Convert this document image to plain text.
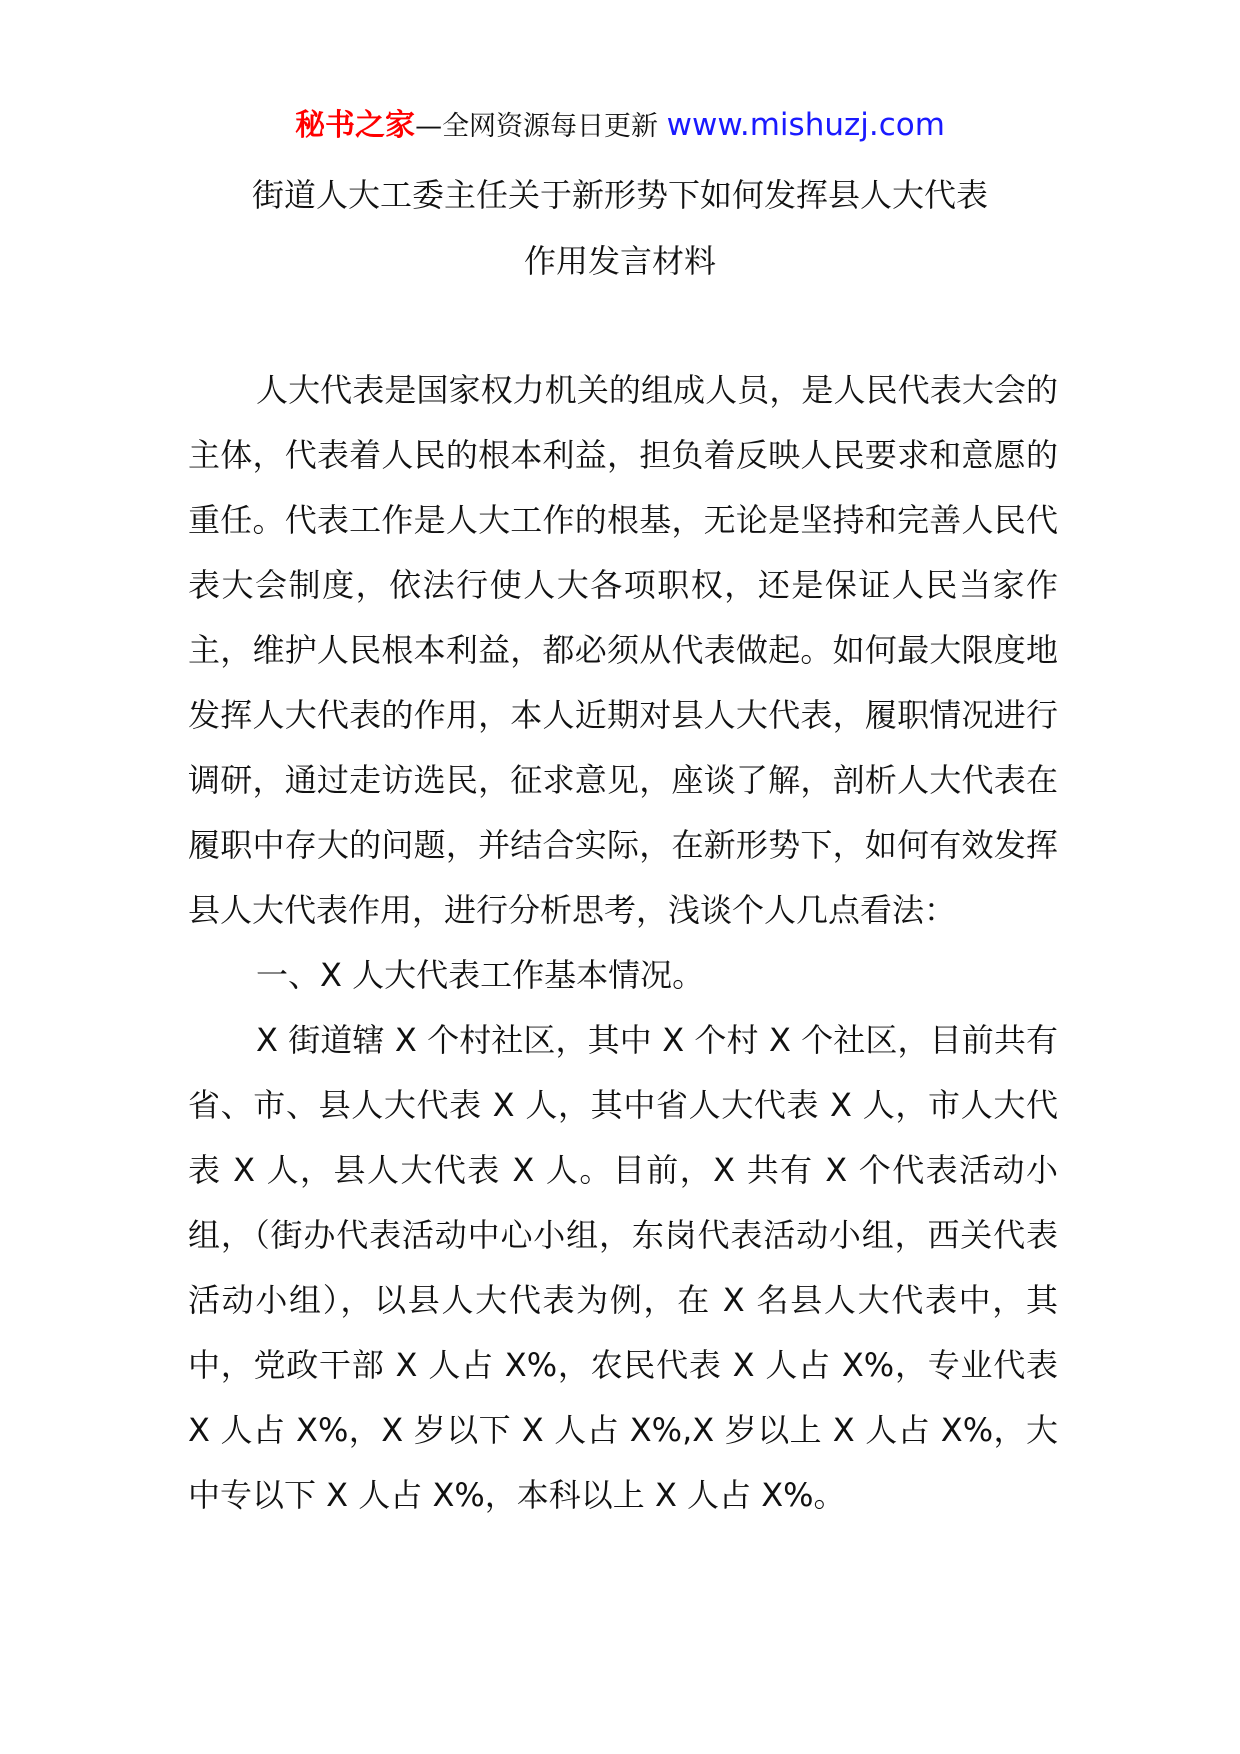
秘书之家—全网资源每日更新 www.mishuzj.com
街道人大工委主任关于新形势下如何发挥县人大代表
作用发言材料

人大代表是国家权力机关的组成人员，是人民代表大会的主体，代表着人民的根本利益，担负着反映人民要求和意愿的重任。代表工作是人大工作的根基，无论是坚持和完善人民代表大会制度，依法行使人大各项职权，还是保证人民当家作主，维护人民根本利益，都必须从代表做起。如何最大限度地发挥人大代表的作用，本人近期对县人大代表，履职情况进行调研，通过走访选民，征求意见，座谈了解，剖析人大代表在履职中存大的问题，并结合实际，在新形势下，如何有效发挥县人大代表作用，进行分析思考，浅谈个人几点看法：

一、X 人大代表工作基本情况。

X 街道辖 X 个村社区，其中 X 个村 X 个社区，目前共有省、市、县人大代表 X 人，其中省人大代表 X 人，市人大代表 X 人，县人大代表 X 人。目前，X 共有 X 个代表活动小组，（街办代表活动中心小组，东岗代表活动小组，西关代表活动小组），以县人大代表为例，在 X 名县人大代表中，其中，党政干部 X 人占 X%，农民代表 X 人占 X%，专业代表 X 人占 X%，X 岁以下 X 人占 X%,X 岁以上 X 人占 X%，大中专以下 X 人占 X%，本科以上 X 人占 X%。
